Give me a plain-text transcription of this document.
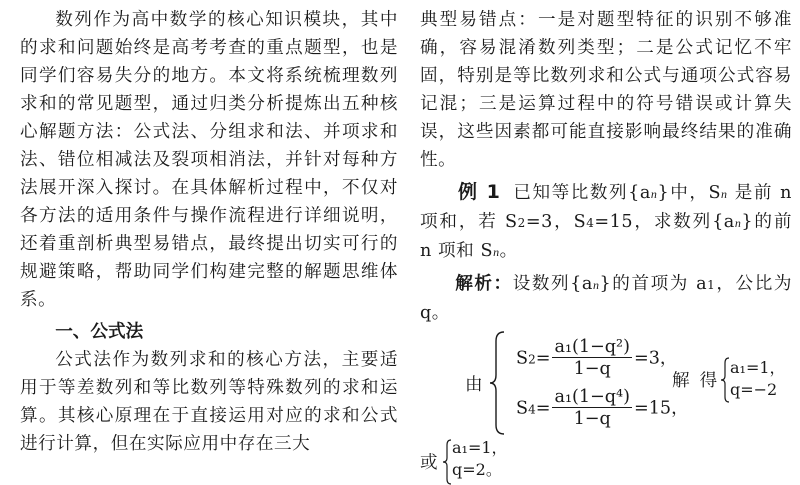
数列作为高中数学的核心知识模块，其中的求和问题始终是高考考查的重点题型，也是同学们容易失分的地方。本文将系统梳理数列求和的常见题型，通过归类分析提炼出五种核心解题方法：公式法、分组求和法、并项求和法、错位相减法及裂项相消法，并针对每种方法展开深入探讨。在具体解析过程中，不仅对各方法的适用条件与操作流程进行详细说明，还着重剖析典型易错点，最终提出切实可行的规避策略，帮助同学们构建完整的解题思维体系。

一、公式法

公式法作为数列求和的核心方法，主要适用于等差数列和等比数列等特殊数列的求和运算。其核心原理在于直接运用对应的求和公式进行计算，但在实际应用中存在三大

典型易错点：一是对题型特征的识别不够准确，容易混淆数列类型；二是公式记忆不牢固，特别是等比数列求和公式与通项公式容易记混；三是运算过程中的符号错误或计算失误，这些因素都可能直接影响最终结果的准确性。

例 1 已知等比数列{an}中，Sn 是前 n 项和，若 S2=3，S4=15，求数列{an}的前 n 项和 Sn。

解析：设数列{an}的首项为 a1，公比为 q。

由
$S2= \frac{\text{a₁(1−q²)}}{1-q} =3$，
$S4= \frac{\text{a₁(1−q⁴)}}{1-q} =15$，
解得
a₁=1，
q=−2
或
a₁=1，
q=2。
